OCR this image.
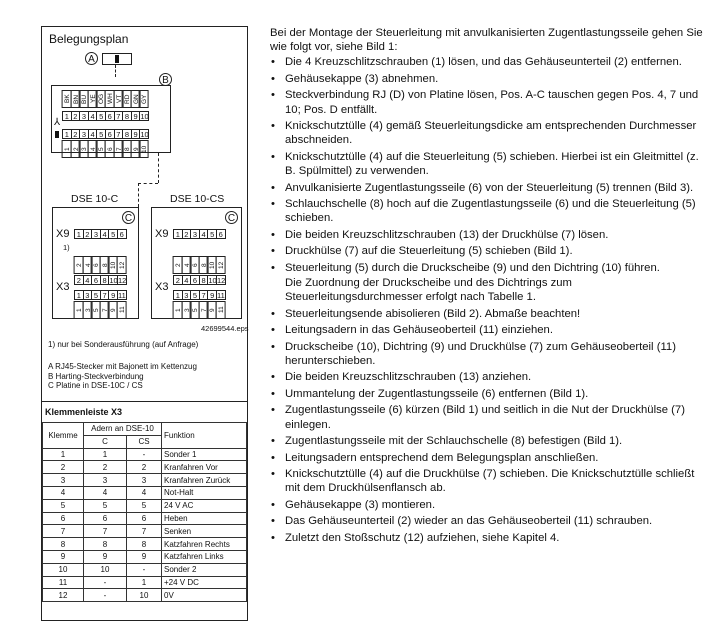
Belegungsplan
A
B
BK BN BU YE OG WH VT RD GN GY
1 2 3 4 5 6 7 8 9 10
⅄
1 2 3 4 5 6 7 8 9 10
1 2 3 4 5 6 7 8 9 10
DSE 10-C
C
X9 1 2 3 4 5 6
1)
2 4 6 8 10 12
X3
2 4 6 8 10 12
1 3 5 7 9 11
1 3 5 7 9 11
DSE 10-CS
C
X9 1 2 3 4 5 6
2 4 6 8 10 12
X3
2 4 6 8 10 12
1 3 5 7 9 11
1 3 5 7 9 11
42699544.eps
1) nur bei Sonderausführung (auf Anfrage)
A RJ45-Stecker mit Bajonett im Kettenzug
B Harting-Steckverbindung
C Platine in DSE-10C / CS
Klemmenleiste X3
Klemme	Adern an DSE-10		Funktion
	C	CS	
1	1	-	Sonder 1
2	2	2	Kranfahren Vor
3	3	3	Kranfahren Zurück
4	4	4	Not-Halt
5	5	5	24 V AC
6	6	6	Heben
7	7	7	Senken
8	8	8	Katzfahren Rechts
9	9	9	Katzfahren Links
10	10	-	Sonder 2
11	-	1	+24 V DC
12	-	10	0V

Bei der Montage der Steuerleitung mit anvulkanisierten Zugentlastungsseile gehen Sie wie folgt vor, siehe Bild 1:

• Die 4 Kreuzschlitzschrauben (1) lösen, und das Gehäuseunterteil (2) entfernen.
• Gehäusekappe (3) abnehmen.
• Steckverbindung RJ (D) von Platine lösen, Pos. A-C tauschen gegen Pos. 4, 7 und 10; Pos. D entfällt.
• Knickschutztülle (4) gemäß Steuerleitungsdicke am entsprechenden Durchmesser abschneiden.
• Knickschutztülle (4) auf die Steuerleitung (5) schieben. Hierbei ist ein Gleitmittel (z. B. Spülmittel) zu verwenden.
• Anvulkanisierte Zugentlastungsseile (6) von der Steuerleitung (5) trennen (Bild 3).
• Schlauchschelle (8) hoch auf die Zugentlastungsseile (6) und die Steuerleitung (5) schieben.
• Die beiden Kreuzschlitzschrauben (13) der Druckhülse (7) lösen.
• Druckhülse (7) auf die Steuerleitung (5) schieben (Bild 1).
• Steuerleitung (5) durch die Druckscheibe (9) und den Dichtring (10) führen.
Die Zuordnung der Druckscheibe und des Dichtrings zum Steuerleitungsdurchmesser erfolgt nach Tabelle 1.
• Steuerleitungsende abisolieren (Bild 2). Abmaße beachten!
• Leitungsadern in das Gehäuseoberteil (11) einziehen.
• Druckscheibe (10), Dichtring (9) und Druckhülse (7) zum Gehäuseoberteil (11) herunterschieben.
• Die beiden Kreuzschlitzschrauben (13) anziehen.
• Ummantelung der Zugentlastungsseile (6) entfernen (Bild 1).
• Zugentlastungsseile (6) kürzen (Bild 1) und seitlich in die Nut der Druckhülse (7) einlegen.
• Zugentlastungsseile mit der Schlauchschelle (8) befestigen (Bild 1).
• Leitungsadern entsprechend dem Belegungsplan anschließen.
• Knickschutztülle (4) auf die Druckhülse (7) schieben. Die Knickschutztülle schließt mit dem Druckhülsenflansch ab.
• Gehäusekappe (3) montieren.
• Das Gehäuseunterteil (2) wieder an das Gehäuseoberteil (11) schrauben.
• Zuletzt den Stoßschutz (12) aufziehen, siehe Kapitel 4.
